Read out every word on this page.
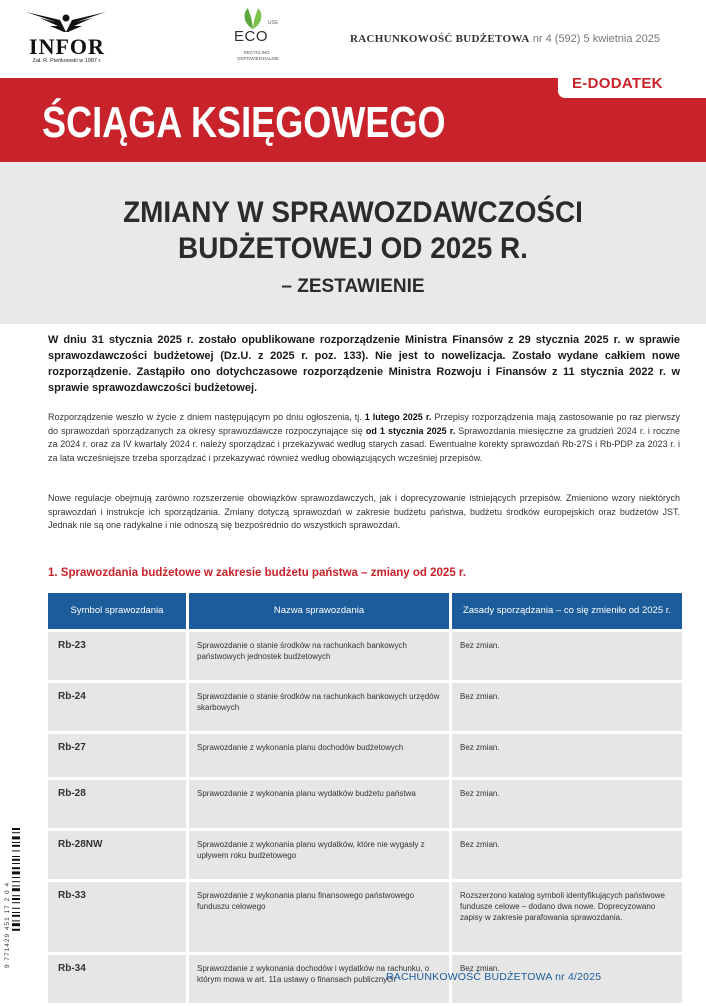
INFOR
Zał. R. Pieńkowski w 1987 r.
USE
ECO
RECYKLING · ODPOWIEDZIALNIE
RACHUNKOWOŚĆ BUDŻETOWA nr 4 (592) 5 kwietnia 2025
ŚCIĄGA KSIĘGOWEGO
E-DODATEK
ZMIANY W SPRAWOZDAWCZOŚCI
BUDŻETOWEJ OD 2025 R.
– ZESTAWIENIE
W dniu 31 stycznia 2025 r. zostało opublikowane rozporządzenie Ministra Finansów z 29 stycznia 2025 r. w sprawie sprawozdawczości budżetowej (Dz.U. z 2025 r. poz. 133). Nie jest to nowelizacja. Zostało wydane całkiem nowe rozporządzenie. Zastąpiło ono dotychczasowe rozporządzenie Ministra Rozwoju i Finansów z 11 stycznia 2022 r. w sprawie sprawozdawczości budżetowej.
Rozporządzenie weszło w życie z dniem następującym po dniu ogłoszenia, tj. 1 lutego 2025 r. Przepisy rozporządzenia mają zastosowanie po raz pierwszy do sprawozdań sporządzanych za okresy sprawozdawcze rozpoczynające się od 1 stycznia 2025 r. Sprawozdania miesięczne za grudzień 2024 r. i roczne za 2024 r. oraz za IV kwartały 2024 r. należy sporządzać i przekazywać według starych zasad. Ewentualne korekty sprawozdań Rb-27S i Rb-PDP za 2023 r. i za lata wcześniejsze trzeba sporządzać i przekazywać również według obowiązujących wcześniej przepisów.
Nowe regulacje obejmują zarówno rozszerzenie obowiązków sprawozdawczych, jak i doprecyzowanie istniejących przepisów. Zmieniono wzory niektórych sprawozdań i instrukcje ich sporządzania. Zmiany dotyczą sprawozdań w zakresie budżetu państwa, budżetu środków europejskich oraz budżetów JST. Jednak nie są one radykalne i nie odnoszą się bezpośrednio do wszystkich sprawozdań.
1. Sprawozdania budżetowe w zakresie budżetu państwa – zmiany od 2025 r.
Symbol sprawozdania	Nazwa sprawozdania	Zasady sporządzania – co się zmieniło od 2025 r.
Rb-23	Sprawozdanie o stanie środków na rachunkach bankowych państwowych jednostek budżetowych	Bez zmian.
Rb-24	Sprawozdanie o stanie środków na rachunkach bankowych urzędów skarbowych	Bez zmian.
Rb-27	Sprawozdanie z wykonania planu dochodów budżetowych	Bez zmian.
Rb-28	Sprawozdanie z wykonania planu wydatków budżetu państwa	Bez zmian.
Rb-28NW	Sprawozdanie z wykonania planu wydatków, które nie wygasły z upływem roku budżetowego	Bez zmian.
Rb-33	Sprawozdanie z wykonania planu finansowego państwowego funduszu celowego	Rozszerzono katalog symboli identyfikujących państwowe fundusze celowe – dodano dwa nowe. Doprecyzowano zapisy w zakresie parafowania sprawozdania.
Rb-34	Sprawozdanie z wykonania dochodów i wydatków na rachunku, o którym mowa w art. 11a ustawy o finansach publicznych	Bez zmian.
9 771429 451 17 2 0 4
RACHUNKOWOŚĆ BUDŻETOWA nr 4/2025
